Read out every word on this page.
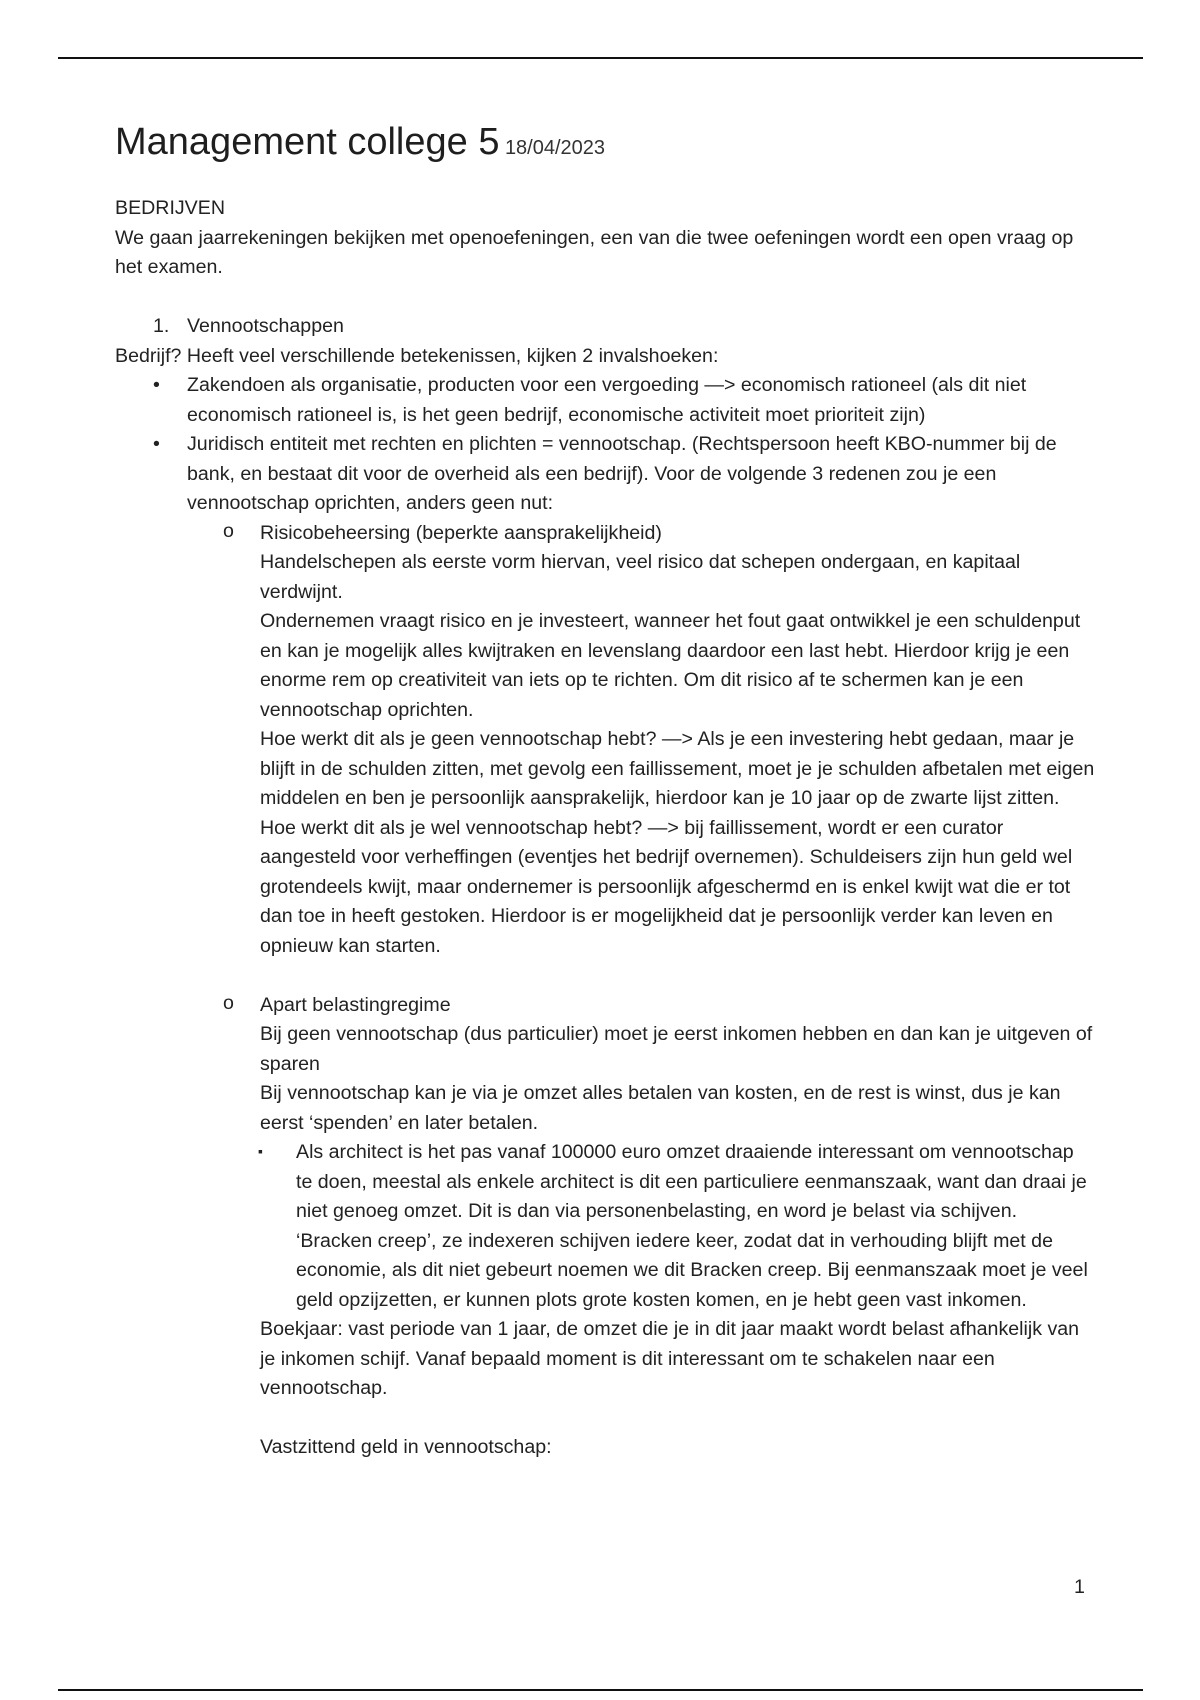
Management college 5 18/04/2023

BEDRIJVEN

We gaan jaarrekeningen bekijken met openoefeningen, een van die twee oefeningen wordt een open vraag op het examen.

1. Vennootschappen

Bedrijf? Heeft veel verschillende betekenissen, kijken 2 invalshoeken:

• Zakendoen als organisatie, producten voor een vergoeding —> economisch rationeel (als dit niet economisch rationeel is, is het geen bedrijf, economische activiteit moet prioriteit zijn)
• Juridisch entiteit met rechten en plichten = vennootschap. (Rechtspersoon heeft KBO-nummer bij de bank, en bestaat dit voor de overheid als een bedrijf). Voor de volgende 3 redenen zou je een vennootschap oprichten, anders geen nut:
o Risicobeheersing (beperkte aansprakelijkheid)

Handelschepen als eerste vorm hiervan, veel risico dat schepen ondergaan, en kapitaal verdwijnt.

Ondernemen vraagt risico en je investeert, wanneer het fout gaat ontwikkel je een schuldenput en kan je mogelijk alles kwijtraken en levenslang daardoor een last hebt. Hierdoor krijg je een enorme rem op creativiteit van iets op te richten. Om dit risico af te schermen kan je een vennootschap oprichten.

Hoe werkt dit als je geen vennootschap hebt? —> Als je een investering hebt gedaan, maar je blijft in de schulden zitten, met gevolg een faillissement, moet je je schulden afbetalen met eigen middelen en ben je persoonlijk aansprakelijk, hierdoor kan je 10 jaar op de zwarte lijst zitten.

Hoe werkt dit als je wel vennootschap hebt? —> bij faillissement, wordt er een curator aangesteld voor verheffingen (eventjes het bedrijf overnemen). Schuldeisers zijn hun geld wel grotendeels kwijt, maar ondernemer is persoonlijk afgeschermd en is enkel kwijt wat die er tot dan toe in heeft gestoken. Hierdoor is er mogelijkheid dat je persoonlijk verder kan leven en opnieuw kan starten.

o Apart belastingregime

Bij geen vennootschap (dus particulier) moet je eerst inkomen hebben en dan kan je uitgeven of sparen

Bij vennootschap kan je via je omzet alles betalen van kosten, en de rest is winst, dus je kan eerst ‘spenden’ en later betalen.

▪ Als architect is het pas vanaf 100000 euro omzet draaiende interessant om vennootschap te doen, meestal als enkele architect is dit een particuliere eenmanszaak, want dan draai je niet genoeg omzet. Dit is dan via personenbelasting, en word je belast via schijven. ‘Bracken creep’, ze indexeren schijven iedere keer, zodat dat in verhouding blijft met de economie, als dit niet gebeurt noemen we dit Bracken creep. Bij eenmanszaak moet je veel geld opzijzetten, er kunnen plots grote kosten komen, en je hebt geen vast inkomen.

Boekjaar: vast periode van 1 jaar, de omzet die je in dit jaar maakt wordt belast afhankelijk van je inkomen schijf. Vanaf bepaald moment is dit interessant om te schakelen naar een vennootschap.

Vastzittend geld in vennootschap:

1
